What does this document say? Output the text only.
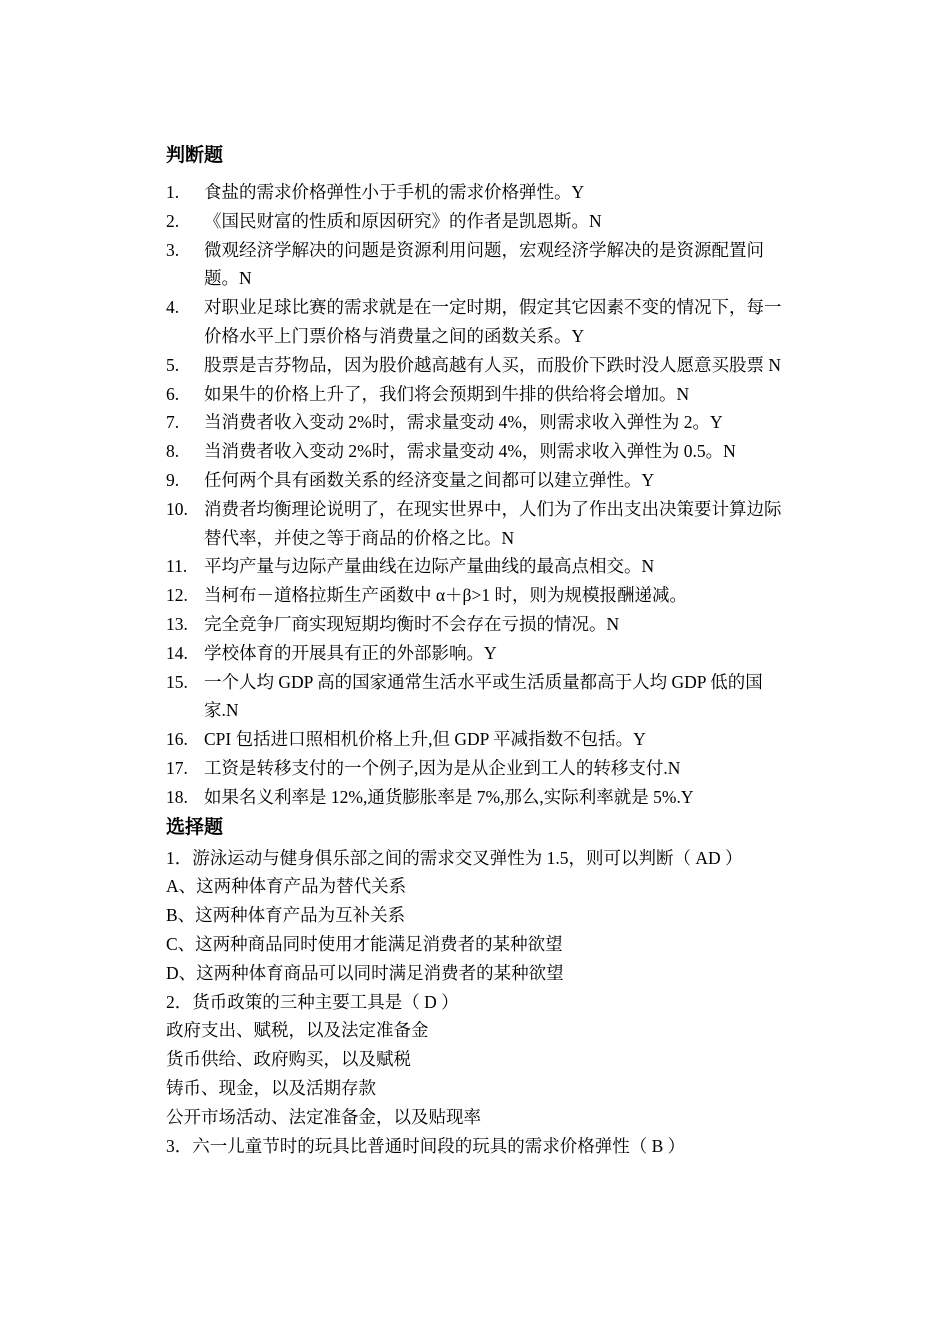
判断题
1. 食盐的需求价格弹性小于手机的需求价格弹性。Y
2. 《国民财富的性质和原因研究》的作者是凯恩斯。N
3. 微观经济学解决的问题是资源利用问题，宏观经济学解决的是资源配置问题。N
4. 对职业足球比赛的需求就是在一定时期，假定其它因素不变的情况下，每一价格水平上门票价格与消费量之间的函数关系。Y
5. 股票是吉芬物品，因为股价越高越有人买，而股价下跌时没人愿意买股票 N
6. 如果牛的价格上升了，我们将会预期到牛排的供给将会增加。N
7. 当消费者收入变动 2%时，需求量变动 4%，则需求收入弹性为 2。Y
8. 当消费者收入变动 2%时，需求量变动 4%，则需求收入弹性为 0.5。N
9. 任何两个具有函数关系的经济变量之间都可以建立弹性。Y
10. 消费者均衡理论说明了，在现实世界中，人们为了作出支出决策要计算边际替代率，并使之等于商品的价格之比。N
11. 平均产量与边际产量曲线在边际产量曲线的最高点相交。N
12. 当柯布－道格拉斯生产函数中 α＋β>1 时，则为规模报酬递减。
13. 完全竞争厂商实现短期均衡时不会存在亏损的情况。N
14. 学校体育的开展具有正的外部影响。Y
15. 一个人均 GDP 高的国家通常生活水平或生活质量都高于人均 GDP 低的国家.N
16. CPI 包括进口照相机价格上升,但 GDP 平减指数不包括。Y
17. 工资是转移支付的一个例子,因为是从企业到工人的转移支付.N
18. 如果名义利率是 12%,通货膨胀率是 7%,那么,实际利率就是 5%.Y
选择题
1．游泳运动与健身俱乐部之间的需求交叉弹性为 1.5，则可以判断（ AD ）
A、这两种体育产品为替代关系
B、这两种体育产品为互补关系
C、这两种商品同时使用才能满足消费者的某种欲望
D、这两种体育商品可以同时满足消费者的某种欲望
2．货币政策的三种主要工具是（ D ）
政府支出、赋税，以及法定准备金
货币供给、政府购买，以及赋税
铸币、现金，以及活期存款
公开市场活动、法定准备金，以及贴现率
3．六一儿童节时的玩具比普通时间段的玩具的需求价格弹性（ B ）
